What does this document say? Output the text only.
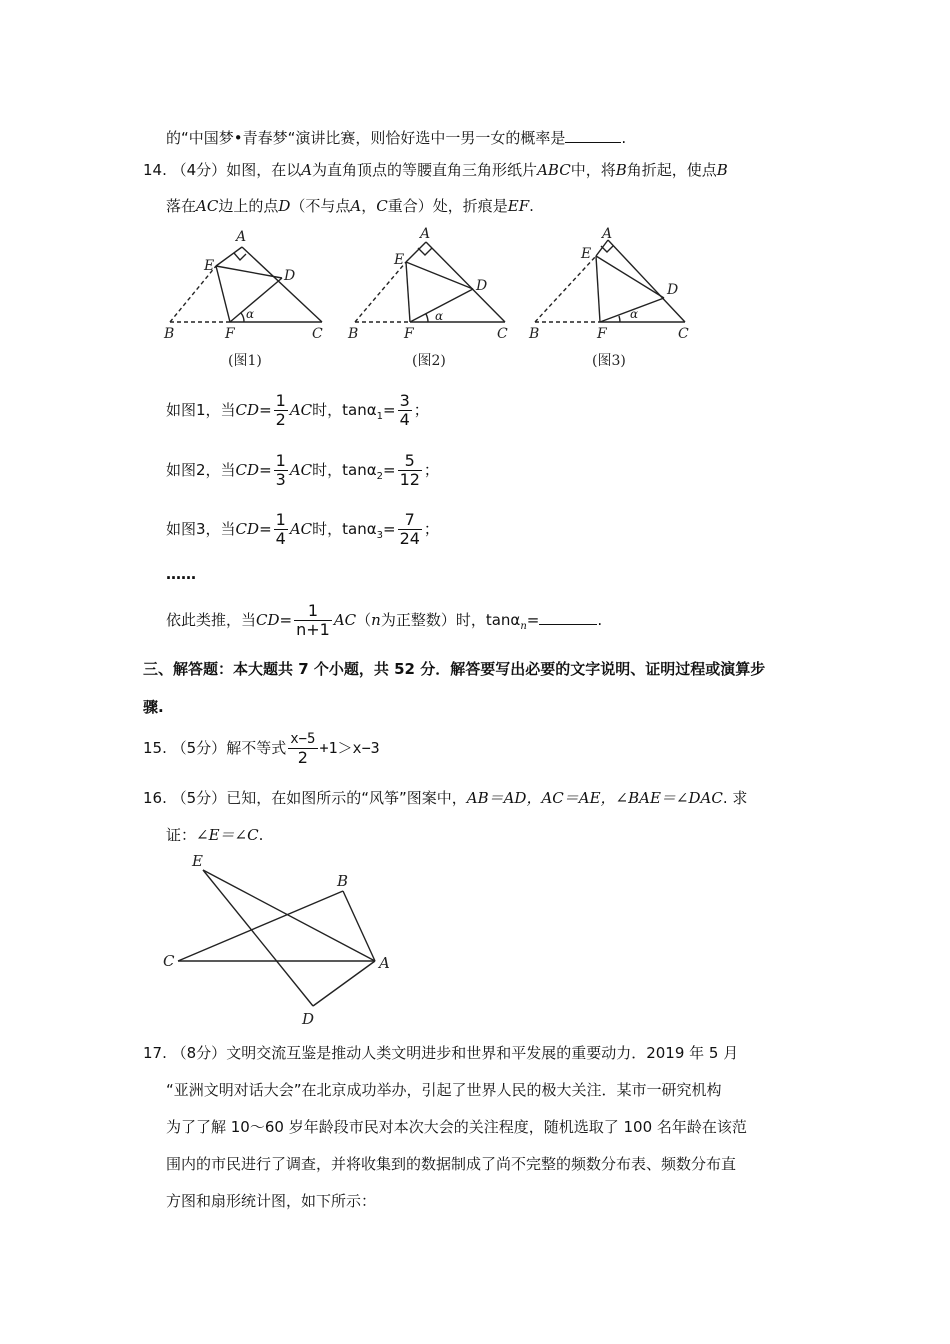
的“中国梦•青春梦“演讲比赛，则恰好选中一男一女的概率是	.
14. （4分）如图，在以A为直角顶点的等腰直角三角形纸片ABC中，将B角折起，使点B
落在AC边上的点D（不与点A，C重合）处，折痕是EF.
A
E
D
B	F	C
α
A
E
D
B	F	C
α
A
E
D
B	F	C
α
(图1)	(图2)	(图3)
如图1，当$CD= \frac{1}{2}$ AC时，$\tan\alpha_1= \frac{3}{4}$ ；
如图2，当$CD= \frac{1}{3}$ AC时，$\tan\alpha_2= \frac{5}{12}$ ；
如图3，当$CD= \frac{1}{4}$ AC时，$\tan\alpha_3= \frac{7}{24}$ ；
……
依此类推，当$CD= \frac{1}{n+1} AC(n$为正整数）时，tanα$_n$=	.
三、解答题：本大题共 7 个小题，共 52 分．解答要写出必要的文字说明、证明过程或演算步
骤.
15. （5分）解不等式 $\frac{x-5}{2} +1>x-3$
16. （5分）已知，在如图所示的“风筝”图案中，AB＝AD，AC＝AE，∠BAE＝∠DAC. 求
证：∠E＝∠C.
E
B
C	A
D
17. （8分）文明交流互鉴是推动人类文明进步和世界和平发展的重要动力．2019 年 5 月
“亚洲文明对话大会”在北京成功举办，引起了世界人民的极大关注．某市一研究机构
为了了解 10～60 岁年龄段市民对本次大会的关注程度，随机选取了 100 名年龄在该范
围内的市民进行了调查，并将收集到的数据制成了尚不完整的频数分布表、频数分布直
方图和扇形统计图，如下所示：
